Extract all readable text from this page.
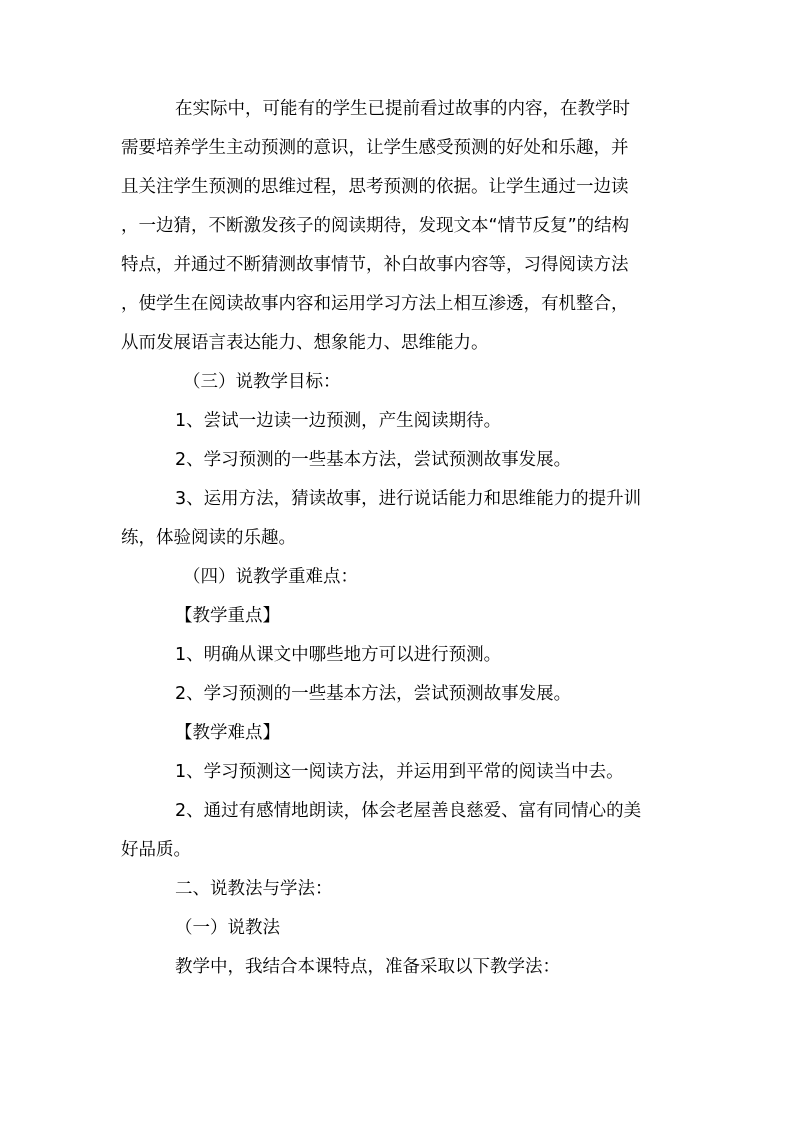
在实际中，可能有的学生已提前看过故事的内容，在教学时
需要培养学生主动预测的意识，让学生感受预测的好处和乐趣，并
且关注学生预测的思维过程，思考预测的依据。让学生通过一边读
，一边猜，不断激发孩子的阅读期待，发现文本“情节反复”的结构
特点，并通过不断猜测故事情节，补白故事内容等，习得阅读方法
，使学生在阅读故事内容和运用学习方法上相互渗透，有机整合，
从而发展语言表达能力、想象能力、思维能力。
（三）说教学目标：
1、尝试一边读一边预测，产生阅读期待。
2、学习预测的一些基本方法，尝试预测故事发展。
3、运用方法，猜读故事，进行说话能力和思维能力的提升训
练，体验阅读的乐趣。
（四）说教学重难点：
【教学重点】
1、明确从课文中哪些地方可以进行预测。
2、学习预测的一些基本方法，尝试预测故事发展。
【教学难点】
1、学习预测这一阅读方法，并运用到平常的阅读当中去。
2、通过有感情地朗读，体会老屋善良慈爱、富有同情心的美
好品质。
二、说教法与学法：
（一）说教法
教学中，我结合本课特点，准备采取以下教学法：
